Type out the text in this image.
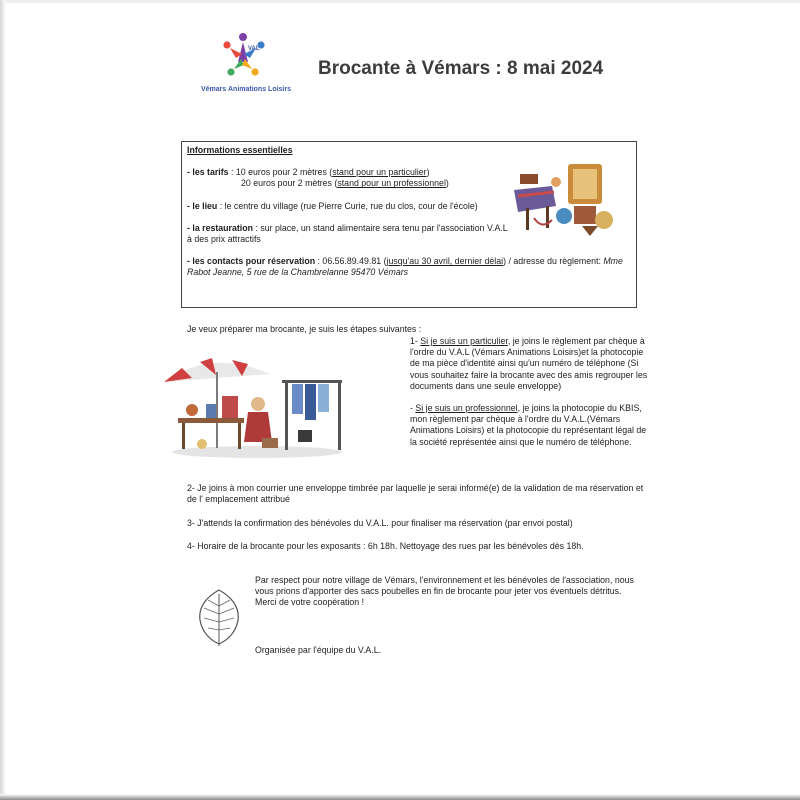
VAL
Vémars Animations Loisirs
Brocante à Vémars : 8 mai 2024

Informations essentielles

- les tarifs : 10 euros pour 2 mètres (stand pour un particulier)

20 euros pour 2 mètres (stand pour un professionnel)

- le lieu : le centre du village (rue Pierre Curie, rue du clos, cour de l'école)

- la restauration : sur place, un stand alimentaire sera tenu par l'association V.A.L à des prix attractifs

- les contacts pour réservation : 06.56.89.49.81 (jusqu'au 30 avril, dernier délai) / adresse du règlement: Mme Rabot Jeanne, 5 rue de la Chambrelanne 95470 Vémars

Je veux préparer ma brocante, je suis les étapes suivantes :

1- Si je suis un particulier, je joins le règlement par chèque à l'ordre du V.A.L (Vémars Animations Loisirs)et la photocopie de ma pièce d'identité ainsi qu'un numéro de téléphone (Si vous souhaitez faire la brocante avec des amis regrouper les documents dans une seule enveloppe)

- Si je suis un professionnel, je joins la photocopie du KBIS, mon règlement par chèque à l'ordre du V.A.L.(Vémars Animations Loisirs) et la photocopie du représentant légal de la société représentée ainsi que le numéro de téléphone.

2- Je joins à mon courrier une enveloppe timbrée par laquelle je serai informé(e) de la validation de ma réservation et de l' emplacement attribué
3- J'attends la confirmation des bénévoles du V.A.L. pour finaliser ma réservation (par envoi postal)
4- Horaire de la brocante pour les exposants : 6h 18h. Nettoyage des rues par les bénévoles dès 18h.
Par respect pour notre village de Vémars, l'environnement et les bénévoles de l'association, nous vous prions d'apporter des sacs poubelles en fin de brocante pour jeter vos éventuels détritus. Merci de votre coopération !
Organisée par l'équipe du V.A.L.
